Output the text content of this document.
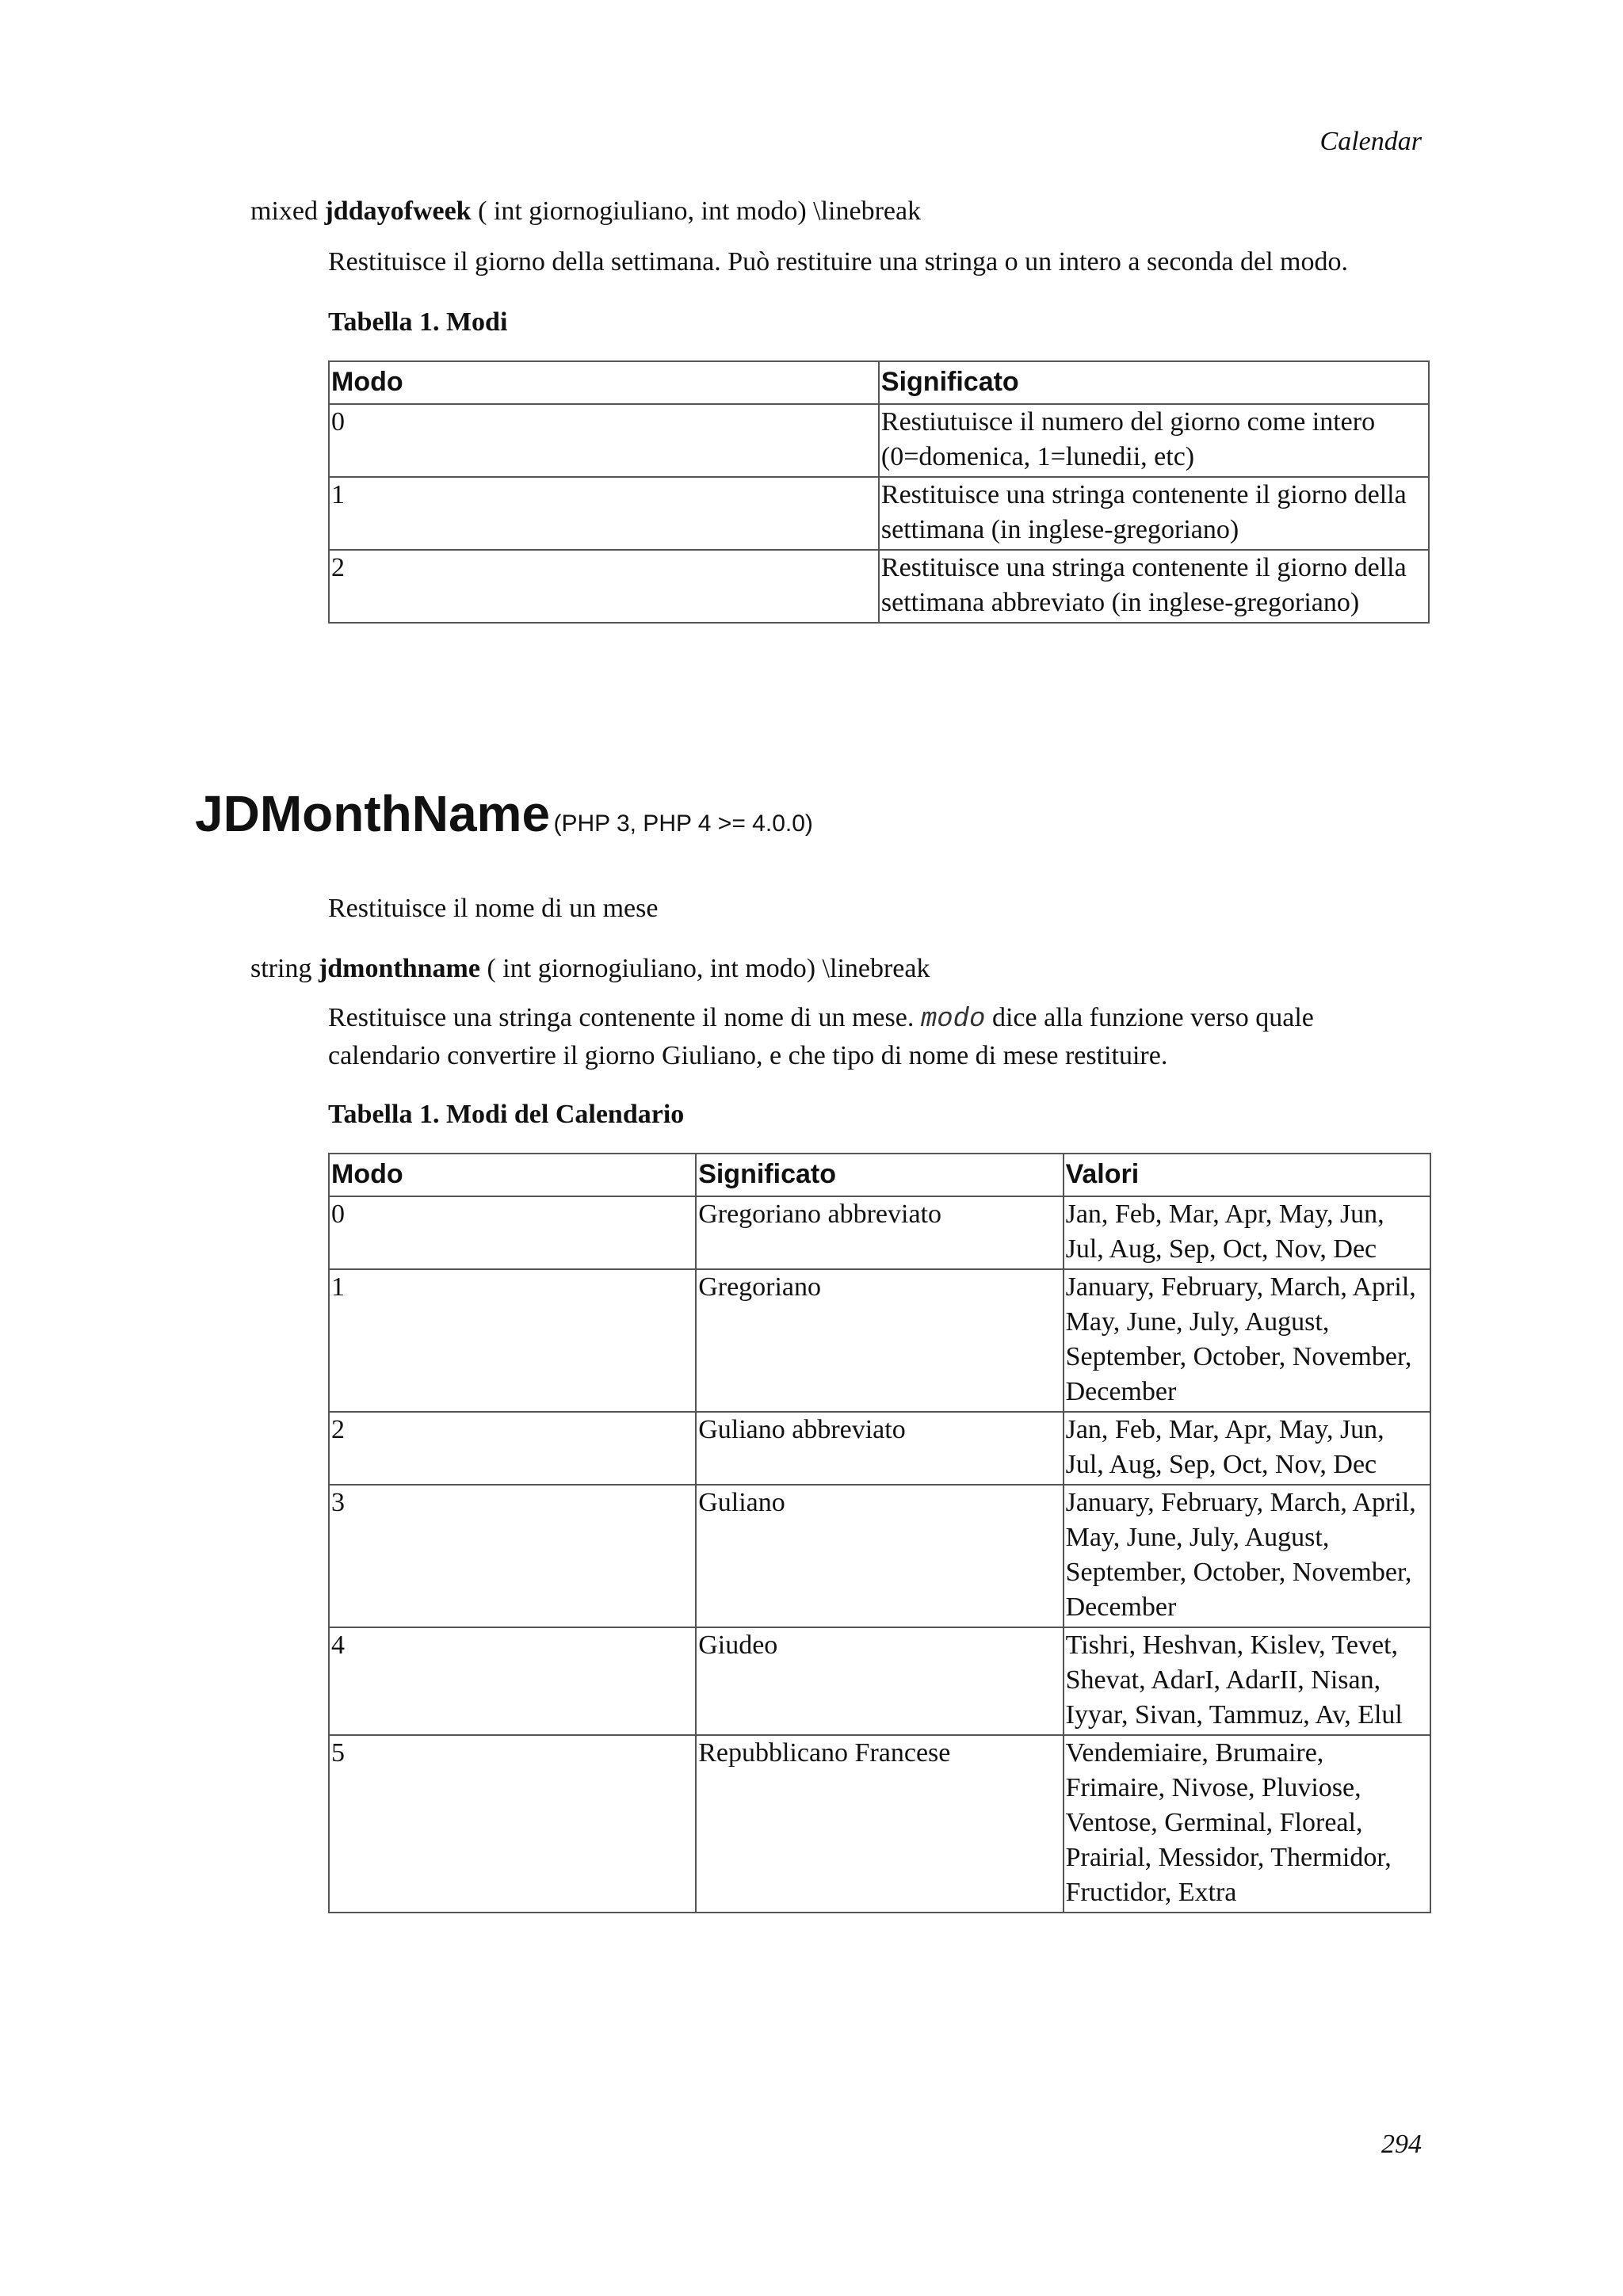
Calendar
mixed jddayofweek ( int giornogiuliano, int modo) \linebreak
Restituisce il giorno della settimana. Può restituire una stringa o un intero a seconda del modo.
Tabella 1. Modi
Modo	Significato
0	Restiutuisce il numero del giorno come intero (0=domenica, 1=lunedii, etc)
1	Restituisce una stringa contenente il giorno della settimana (in inglese-gregoriano)
2	Restituisce una stringa contenente il giorno della settimana abbreviato (in inglese-gregoriano)
JDMonthName (PHP 3, PHP 4 >= 4.0.0)
Restituisce il nome di un mese
string jdmonthname ( int giornogiuliano, int modo) \linebreak
Restituisce una stringa contenente il nome di un mese. modo dice alla funzione verso quale calendario convertire il giorno Giuliano, e che tipo di nome di mese restituire.
Tabella 1. Modi del Calendario
Modo	Significato	Valori
0	Gregoriano abbreviato	Jan, Feb, Mar, Apr, May, Jun, Jul, Aug, Sep, Oct, Nov, Dec
1	Gregoriano	January, February, March, April, May, June, July, August, September, October, November, December
2	Guliano abbreviato	Jan, Feb, Mar, Apr, May, Jun, Jul, Aug, Sep, Oct, Nov, Dec
3	Guliano	January, February, March, April, May, June, July, August, September, October, November, December
4	Giudeo	Tishri, Heshvan, Kislev, Tevet, Shevat, AdarI, AdarII, Nisan, Iyyar, Sivan, Tammuz, Av, Elul
5	Repubblicano Francese	Vendemiaire, Brumaire, Frimaire, Nivose, Pluviose, Ventose, Germinal, Floreal, Prairial, Messidor, Thermidor, Fructidor, Extra
294
